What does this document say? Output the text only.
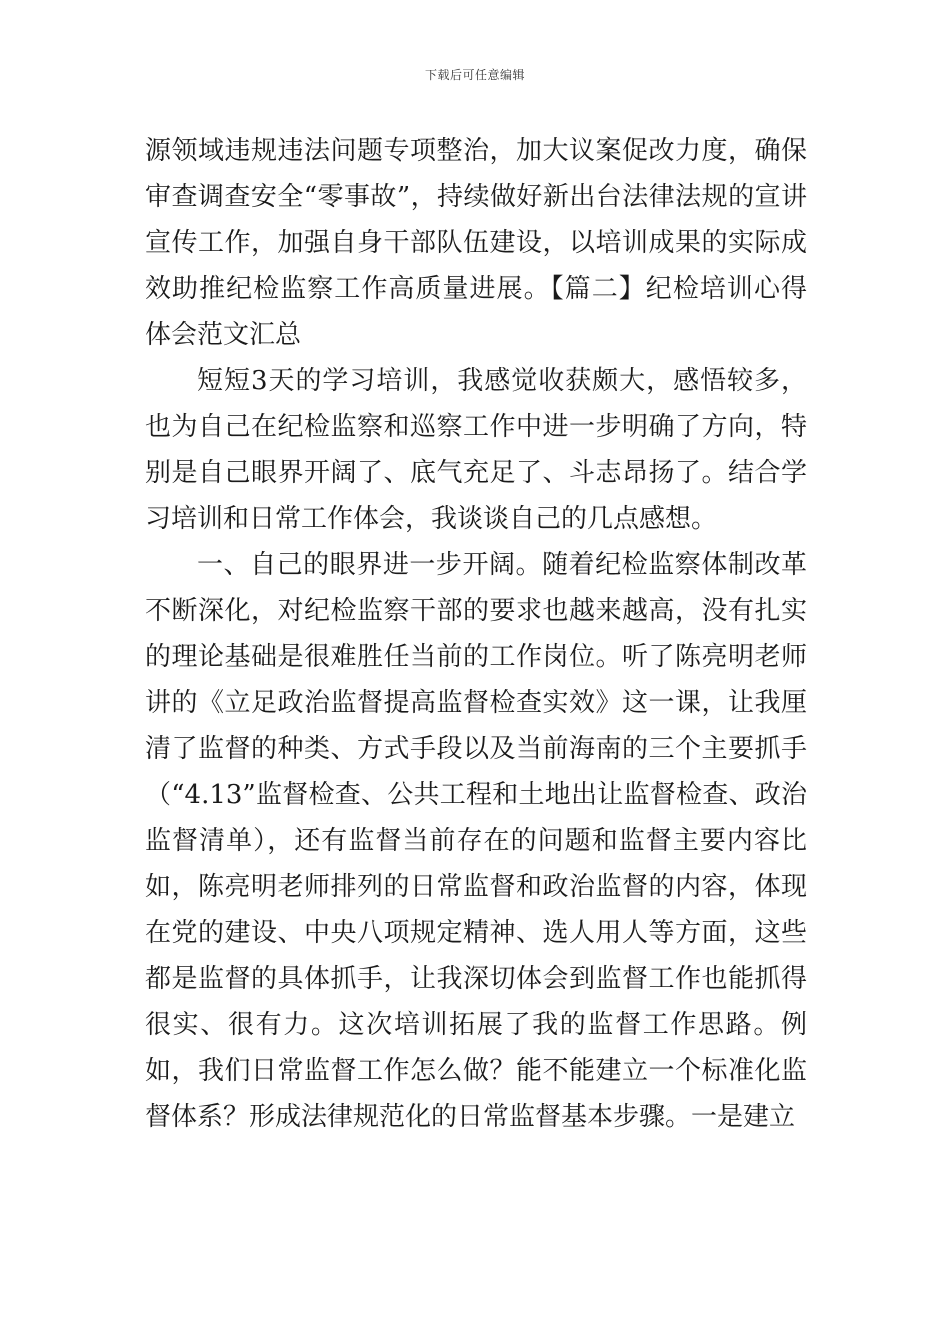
下载后可任意编辑

源领域违规违法问题专项整治，加大议案促改力度，确保审查调查安全“零事故”，持续做好新出台法律法规的宣讲宣传工作，加强自身干部队伍建设，以培训成果的实际成效助推纪检监察工作高质量进展。【篇二】纪检培训心得体会范文汇总

短短3天的学习培训，我感觉收获颇大，感悟较多，也为自己在纪检监察和巡察工作中进一步明确了方向，特别是自己眼界开阔了、底气充足了、斗志昂扬了。结合学习培训和日常工作体会，我谈谈自己的几点感想。

一、自己的眼界进一步开阔。随着纪检监察体制改革不断深化，对纪检监察干部的要求也越来越高，没有扎实的理论基础是很难胜任当前的工作岗位。听了陈亮明老师讲的《立足政治监督提高监督检查实效》这一课，让我厘清了监督的种类、方式手段以及当前海南的三个主要抓手（“4.13”监督检查、公共工程和土地出让监督检查、政治监督清单），还有监督当前存在的问题和监督主要内容比如，陈亮明老师排列的日常监督和政治监督的内容，体现在党的建设、中央八项规定精神、选人用人等方面，这些都是监督的具体抓手，让我深切体会到监督工作也能抓得很实、很有力。这次培训拓展了我的监督工作思路。例如，我们日常监督工作怎么做？能不能建立一个标准化监督体系？形成法律规范化的日常监督基本步骤。一是建立
